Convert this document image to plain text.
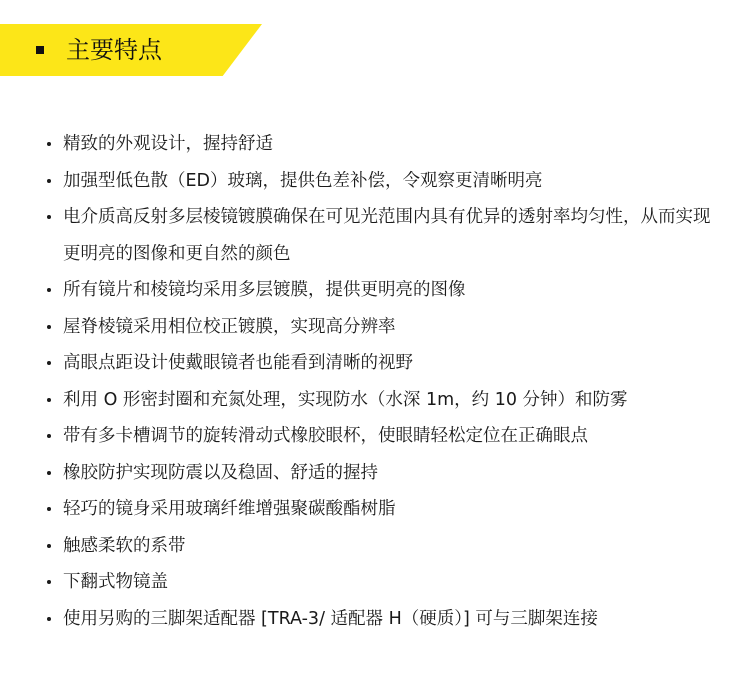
主要特点
精致的外观设计，握持舒适
加强型低色散（ED）玻璃，提供色差补偿，令观察更清晰明亮
电介质高反射多层棱镜镀膜确保在可见光范围内具有优异的透射率均匀性，从而实现更明亮的图像和更自然的颜色
所有镜片和棱镜均采用多层镀膜，提供更明亮的图像
屋脊棱镜采用相位校正镀膜，实现高分辨率
高眼点距设计使戴眼镜者也能看到清晰的视野
利用 O 形密封圈和充氮处理，实现防水（水深 1m，约 10 分钟）和防雾
带有多卡槽调节的旋转滑动式橡胶眼杯，使眼睛轻松定位在正确眼点
橡胶防护实现防震以及稳固、舒适的握持
轻巧的镜身采用玻璃纤维增强聚碳酸酯树脂
触感柔软的系带
下翻式物镜盖
使用另购的三脚架适配器 [TRA-3/ 适配器 H（硬质）] 可与三脚架连接
